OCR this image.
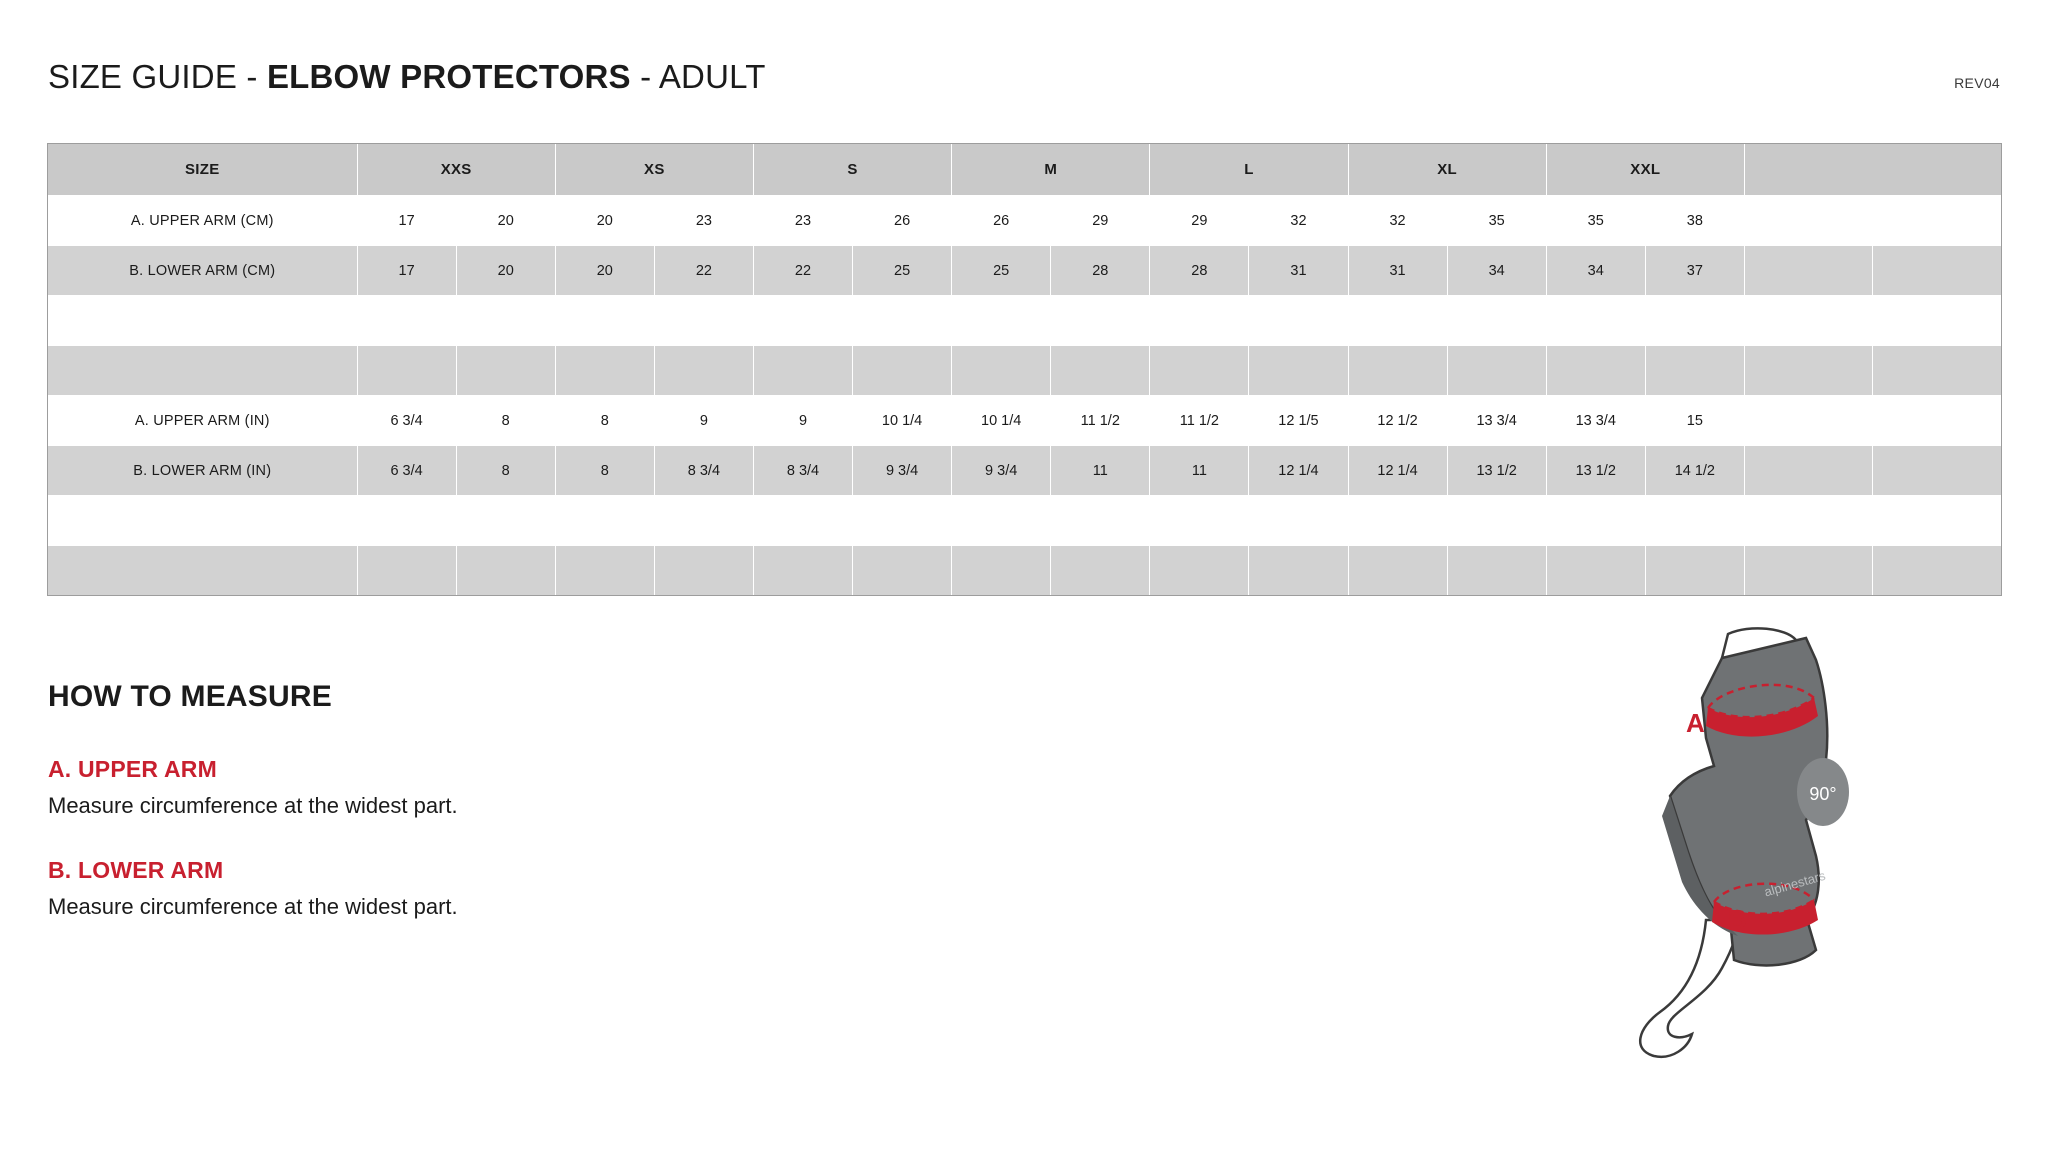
SIZE GUIDE - ELBOW PROTECTORS - ADULT	REV04
SIZE	XXS		XS		S		M		L		XL		XXL			
A. UPPER ARM (CM)	17	20	20	23	23	26	26	29	29	32	32	35	35	38		
B. LOWER ARM (CM)	17	20	20	22	22	25	25	28	28	31	31	34	34	37		

A. UPPER ARM (IN)	6 3/4	8	8	9	9	10 1/4	10 1/4	11 1/2	11 1/2	12 1/5	12 1/2	13 3/4	13 3/4	15		
B. LOWER ARM (IN)	6 3/4	8	8	8 3/4	8 3/4	9 3/4	9 3/4	11	11	12 1/4	12 1/4	13 1/2	13 1/2	14 1/2		

HOW TO MEASURE
A. UPPER ARM

Measure circumference at the widest part.

B. LOWER ARM

Measure circumference at the widest part.

90°
alpinestars
A
B
